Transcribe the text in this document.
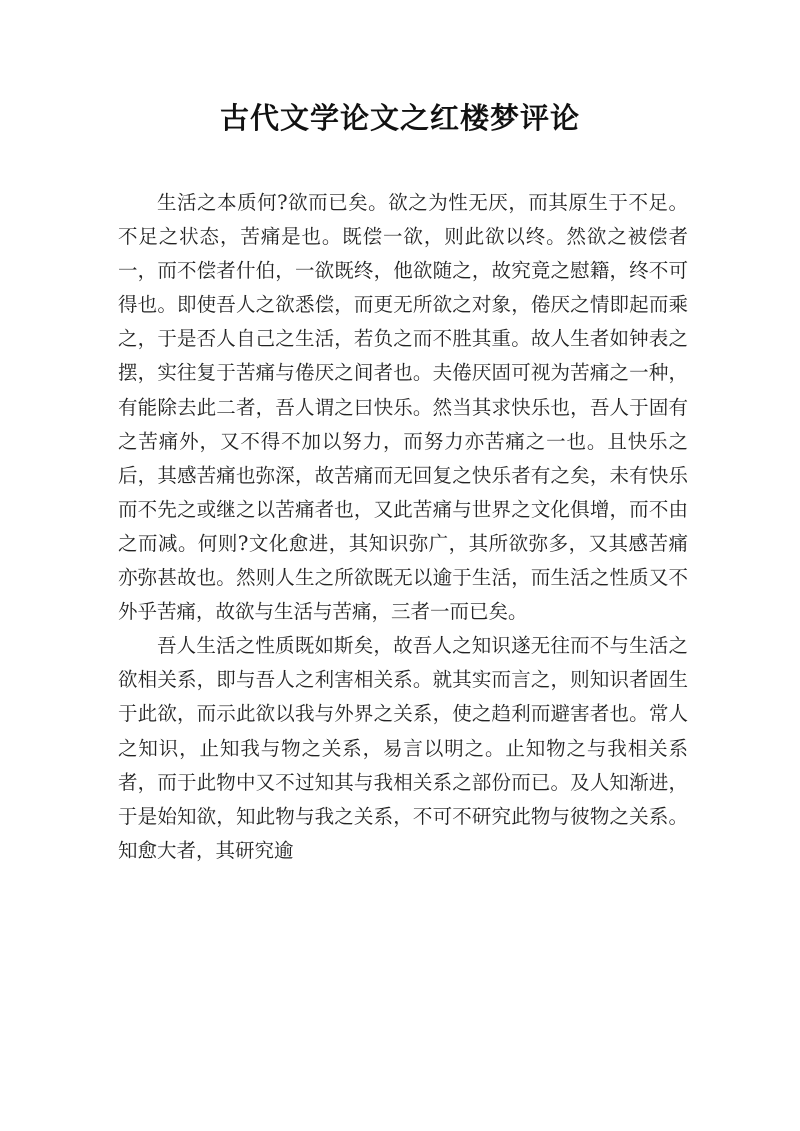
古代文学论文之红楼梦评论

生活之本质何?欲而已矣。欲之为性无厌，而其原生于不足。不足之状态，苦痛是也。既偿一欲，则此欲以终。然欲之被偿者一，而不偿者什伯，一欲既终，他欲随之，故究竟之慰籍，终不可得也。即使吾人之欲悉偿，而更无所欲之对象，倦厌之情即起而乘之，于是否人自己之生活，若负之而不胜其重。故人生者如钟表之摆，实往复于苦痛与倦厌之间者也。夫倦厌固可视为苦痛之一种，有能除去此二者，吾人谓之曰快乐。然当其求快乐也，吾人于固有之苦痛外，又不得不加以努力，而努力亦苦痛之一也。且快乐之后，其感苦痛也弥深，故苦痛而无回复之快乐者有之矣，未有快乐而不先之或继之以苦痛者也，又此苦痛与世界之文化俱增，而不由之而减。何则?文化愈进，其知识弥广，其所欲弥多，又其感苦痛亦弥甚故也。然则人生之所欲既无以逾于生活，而生活之性质又不外乎苦痛，故欲与生活与苦痛，三者一而已矣。

吾人生活之性质既如斯矣，故吾人之知识遂无往而不与生活之欲相关系，即与吾人之利害相关系。就其实而言之，则知识者固生于此欲，而示此欲以我与外界之关系，使之趋利而避害者也。常人之知识，止知我与物之关系，易言以明之。止知物之与我相关系者，而于此物中又不过知其与我相关系之部份而已。及人知渐进，于是始知欲，知此物与我之关系，不可不研究此物与彼物之关系。知愈大者，其研究逾
